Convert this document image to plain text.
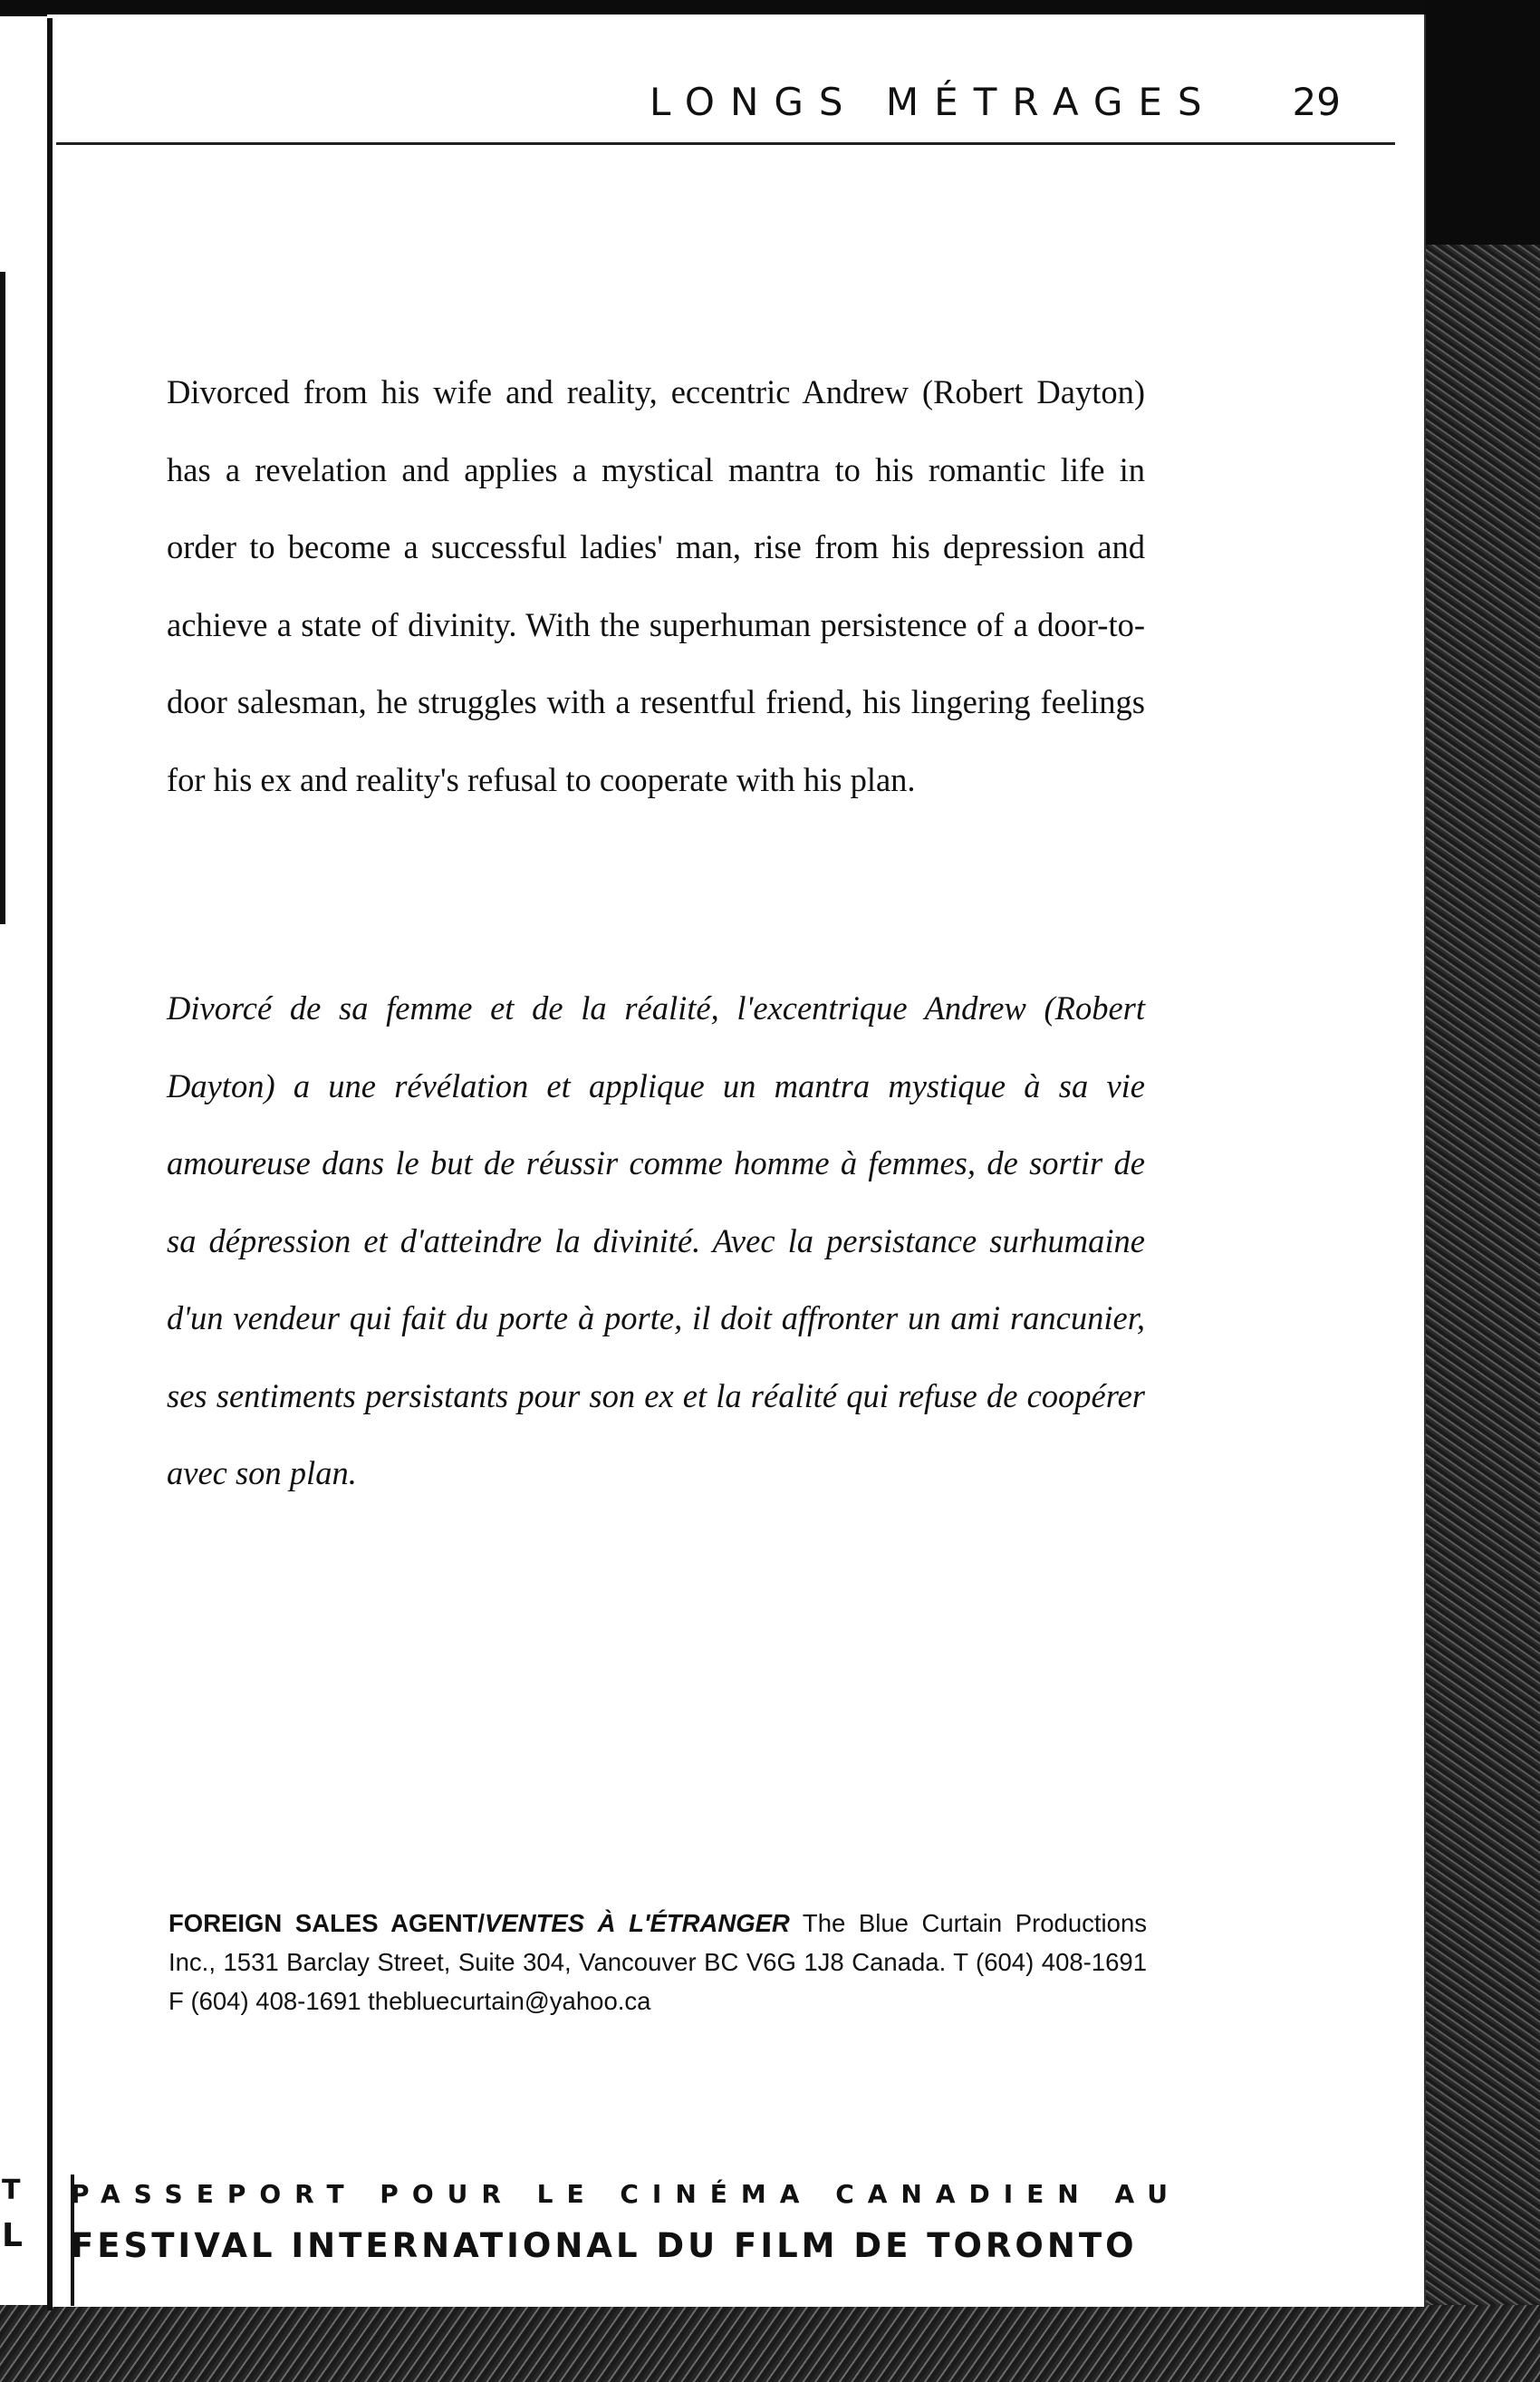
LONGS MÉTRAGES 29

Divorced from his wife and reality, eccentric Andrew (Robert Dayton) has a revelation and applies a mystical mantra to his romantic life in order to become a successful ladies' man, rise from his depression and achieve a state of divinity. With the superhuman persistence of a door-to-door salesman, he struggles with a resentful friend, his lingering feelings for his ex and reality's refusal to cooperate with his plan.

Divorcé de sa femme et de la réalité, l'excentrique Andrew (Robert Dayton) a une révélation et applique un mantra mystique à sa vie amoureuse dans le but de réussir comme homme à femmes, de sortir de sa dépression et d'atteindre la divinité. Avec la persistance surhumaine d'un vendeur qui fait du porte à porte, il doit affronter un ami rancunier, ses sentiments persistants pour son ex et la réalité qui refuse de coopérer avec son plan.

FOREIGN SALES AGENT/VENTES À L'ÉTRANGER The Blue Curtain Productions Inc., 1531 Barclay Street, Suite 304, Vancouver BC V6G 1J8 Canada. T (604) 408-1691 F (604) 408-1691 thebluecurtain@yahoo.ca

PASSEPORT POUR LE CINÉMA CANADIEN AU
FESTIVAL INTERNATIONAL DU FILM DE TORONTO
T
L
